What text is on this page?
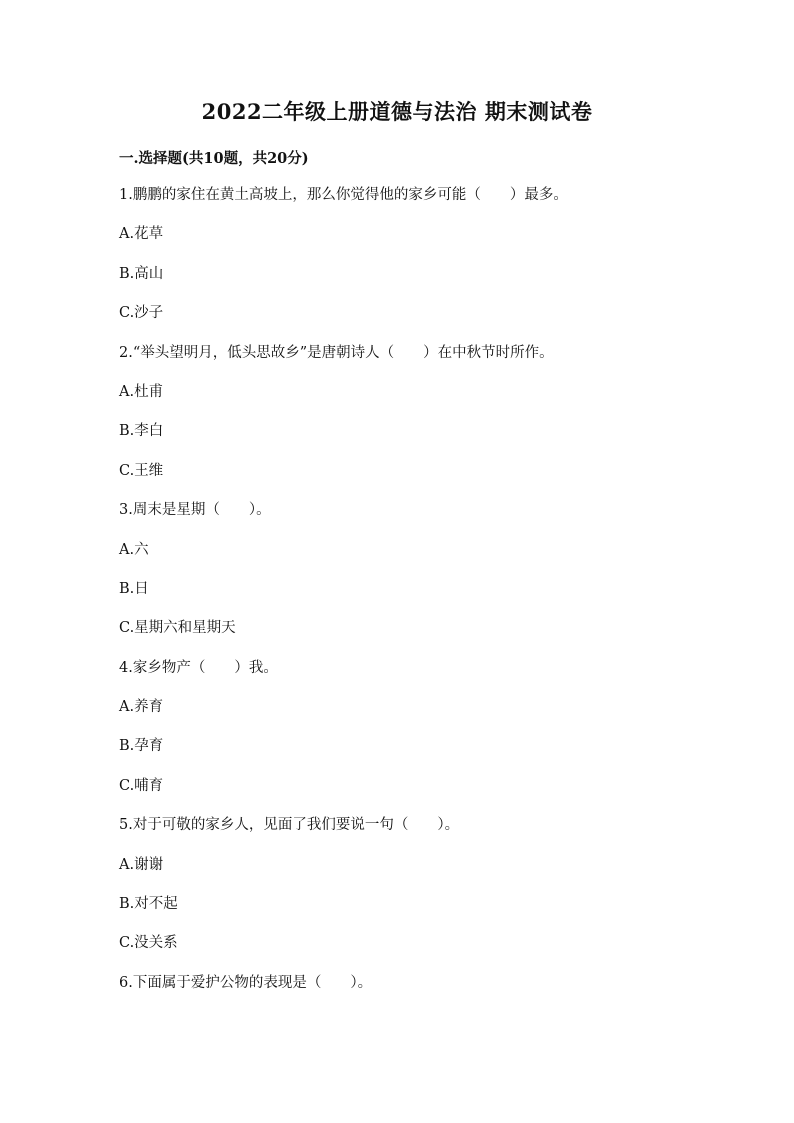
2022二年级上册道德与法治 期末测试卷
一.选择题(共10题，共20分)
1.鹏鹏的家住在黄土高坡上，那么你觉得他的家乡可能（　　）最多。
A.花草
B.高山
C.沙子
2.“举头望明月，低头思故乡”是唐朝诗人（　　）在中秋节时所作。
A.杜甫
B.李白
C.王维
3.周末是星期（　　）。
A.六
B.日
C.星期六和星期天
4.家乡物产（　　）我。
A.养育
B.孕育
C.哺育
5.对于可敬的家乡人，见面了我们要说一句（　　）。
A.谢谢
B.对不起
C.没关系
6.下面属于爱护公物的表现是（　　）。
